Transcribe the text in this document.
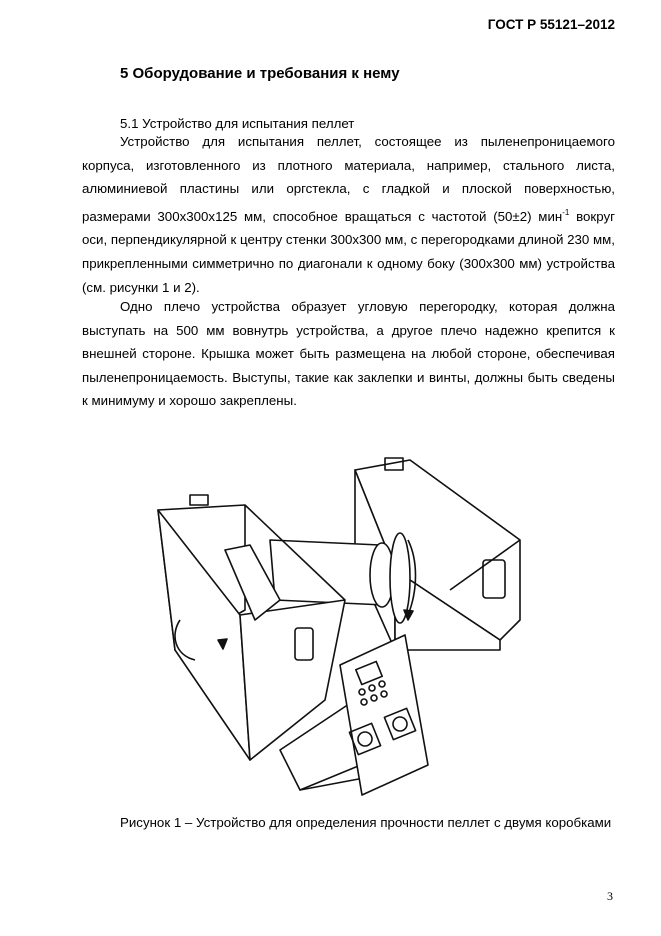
ГОСТ Р 55121–2012
5 Оборудование и требования к нему
5.1 Устройство для испытания пеллет
Устройство для испытания пеллет, состоящее из пыленепроницаемого корпуса, изготовленного из плотного материала, например, стального листа, алюминиевой пластины или оргстекла, с гладкой и плоской поверхностью, размерами 300х300х125 мм, способное вращаться с частотой (50±2) мин$^{-1}$ вокруг оси, перпендикулярной к центру стенки 300х300 мм, с перегородками длиной 230 мм, прикрепленными симметрично по диагонали к одному боку (300х300 мм) устройства (см. рисунки 1 и 2).
Одно плечо устройства образует угловую перегородку, которая должна выступать на 500 мм вовнутрь устройства, а другое плечо надежно крепится к внешней стороне. Крышка может быть размещена на любой стороне, обеспечивая пыленепроницаемость. Выступы, такие как заклепки и винты, должны быть сведены к минимуму и хорошо закреплены.
Рисунок 1 – Устройство для определения прочности пеллет с двумя коробками
3
